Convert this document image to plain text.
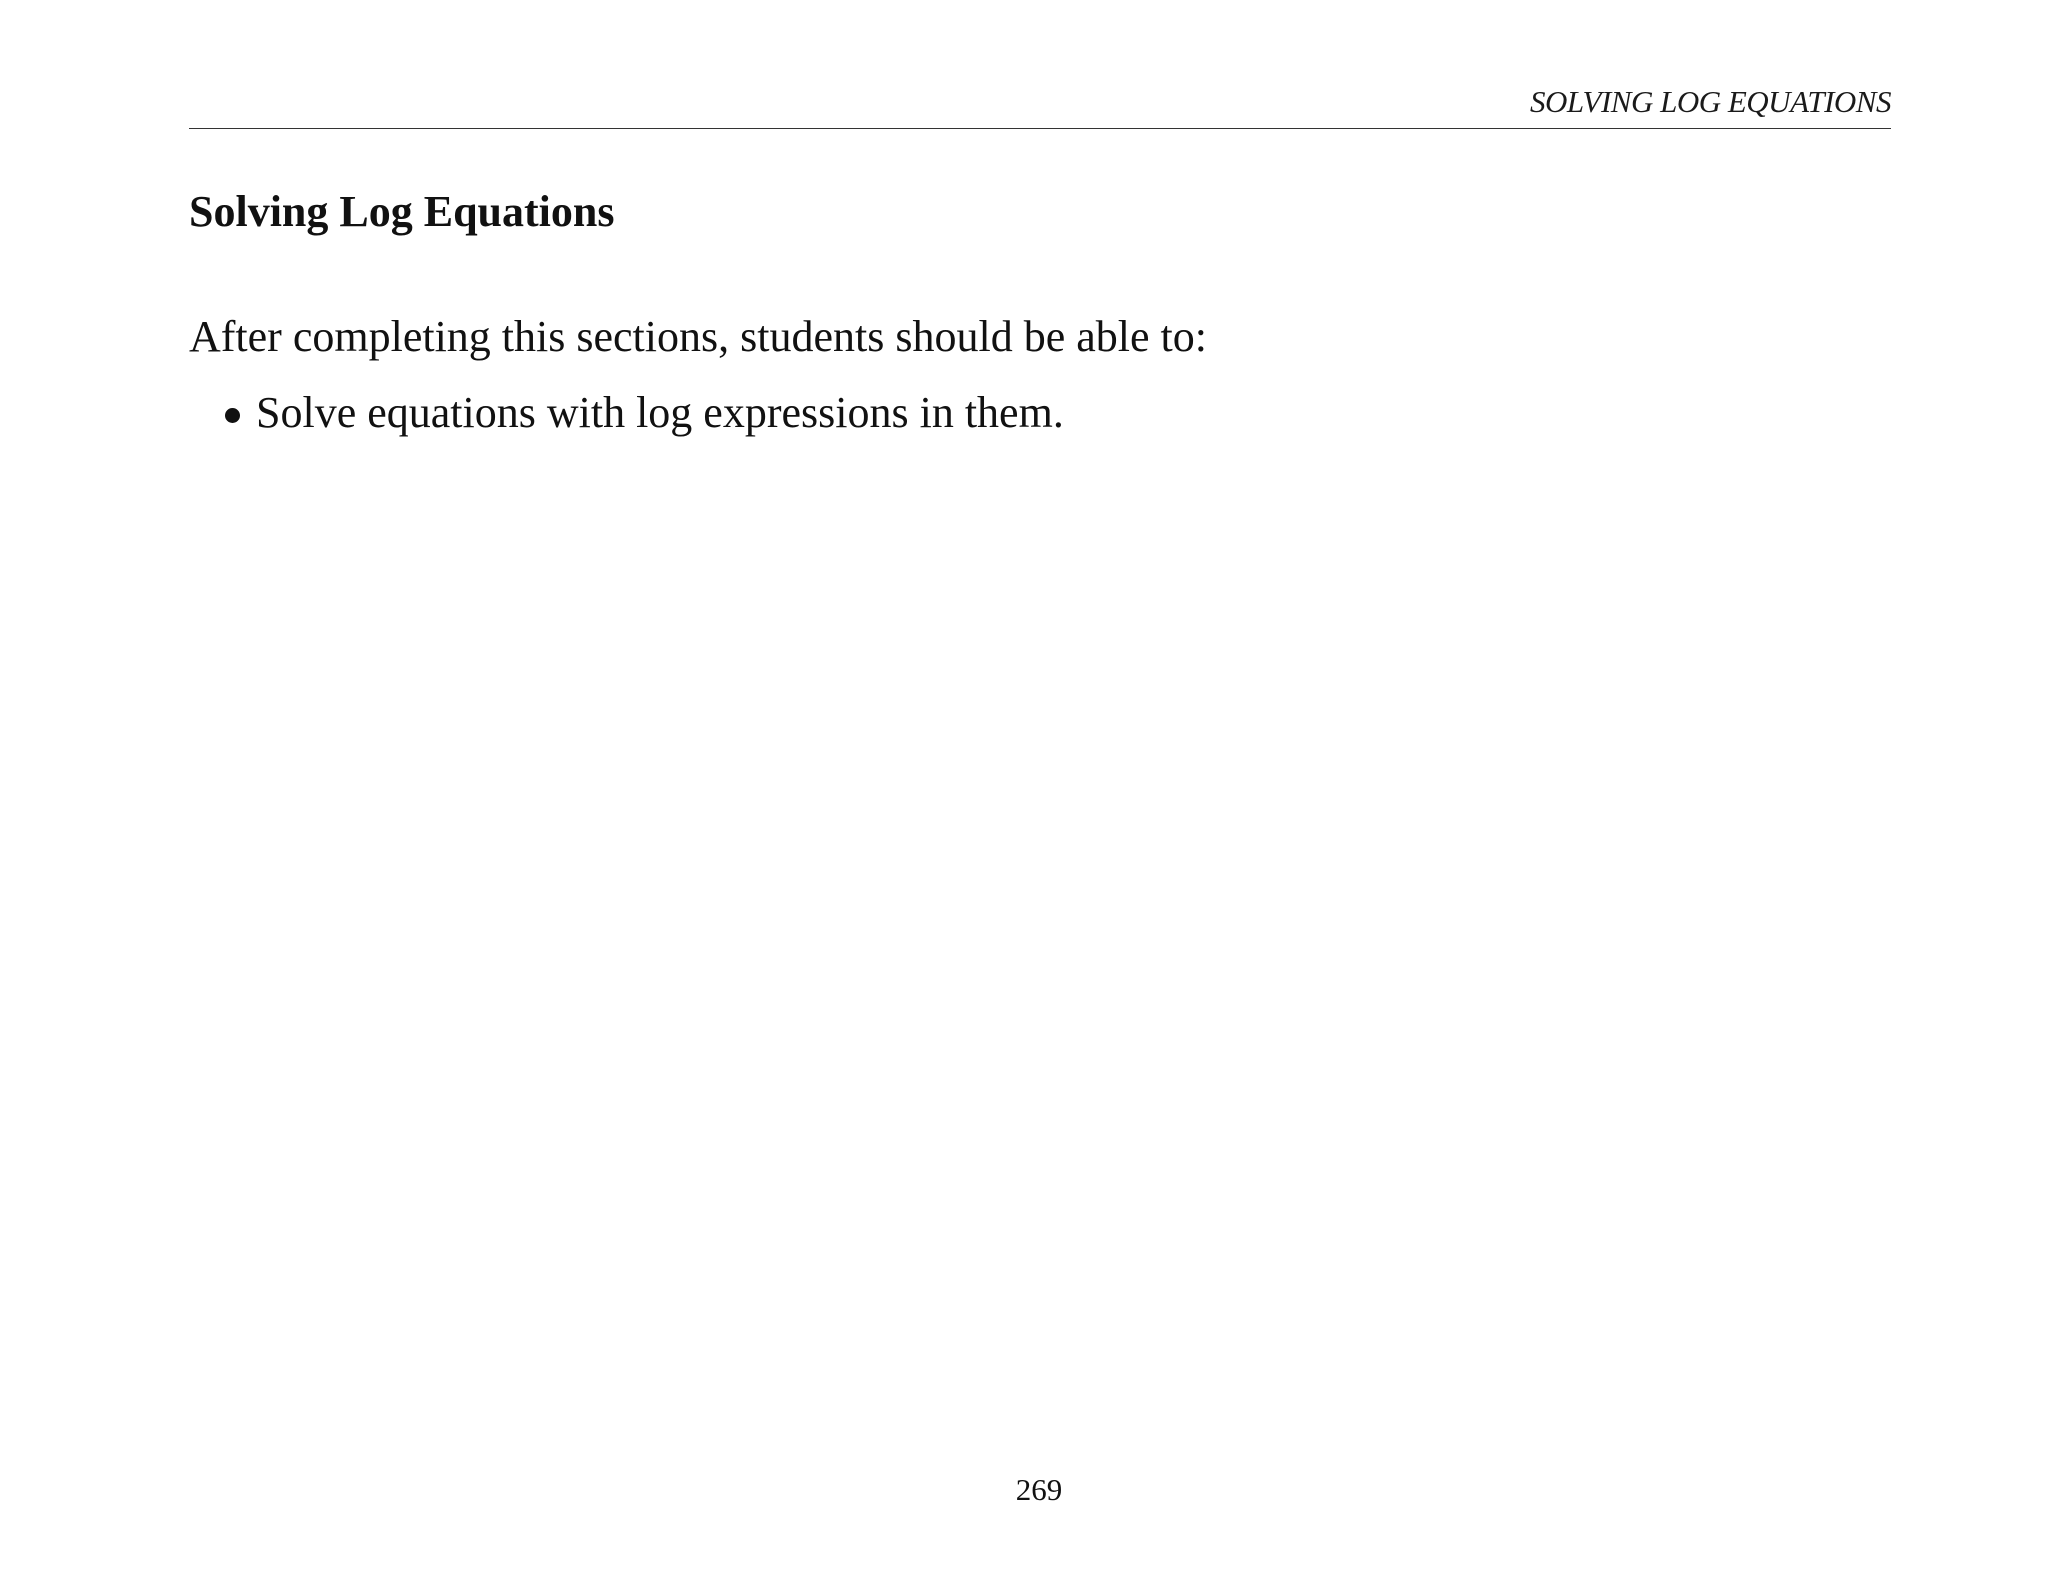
SOLVING LOG EQUATIONS
Solving Log Equations

After completing this sections, students should be able to:

Solve equations with log expressions in them.
269
